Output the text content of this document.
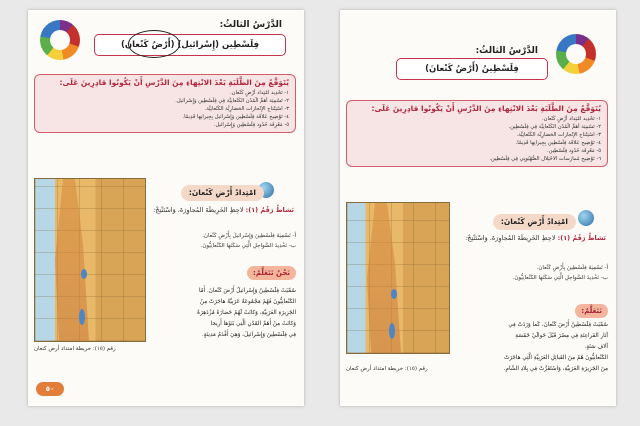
الدَّرْسُ الثالثُ:
فِلَسْطِين (إِسْرائيل) (أَرْضُ كَنْعان)
يُتَوَقَّعُ مِنَ الطَّلَبَةِ بَعْدَ الانْتِهاءِ مِنَ الدَّرْسِ أَنْ يَكُونُوا قادِرِينَ عَلَى:
١- تَحْدِيد امْتِداد أَرْضِ كَنْعان.
٢- تَسْمِيَة أَهَمِّ الْمُدُن الكَنْعانِيَّة فِي فِلَسْطِين وَإِسْرائيل.
٣- اسْتِنْتاج الإِنْجازات الحَضارِيَّة الكَنْعانِيَّة.
٤- تَوْضِيح عَلاقَة فِلَسْطِين وَإِسْرائيل بِجِيرانِها قَدِيمًا.
٥- مَعْرِفَة حُدُود فِلَسْطِين وَإِسْرائيل.
رقم (١٥): خريطة امتداد أرض كنعان
امْتِدادُ أَرْضِ كَنْعانَ:
نَشاطٌ رَقْمُ (١): لاحِظِ الخَرِيطَةَ المُجاوِرَةَ، وَاسْتَنْتِجْ:
أ- تَسْمِيَةَ فِلَسْطِينَ وَإِسْرائيلَ بِأَرْضِ كَنْعانَ.
ب- تَحْدِيدَ السَّواحِلِ الَّتِي سَكَنَها الكَنْعانِيُّونَ.
نَحْنُ نَتَعَلَّمُ:
سُمِّيَتْ فِلَسْطِينُ وَإِسْرائيلُ أَرْضَ كَنْعانَ. أَمّا
الكَنْعانِيُّونَ فَهُمْ مَجْمُوعَةٌ عَرَبِيَّةٌ هاجَرَتْ مِنْ
الجَزِيرَةِ العَرَبِيَّةِ، وَكانَتْ لَهُمْ حَضارَةٌ مُزْدَهِرَةٌ
وَكانَتْ مِنْ أَهَمِّ المُدُنِ الَّتِي بَنَوْها أَرِيحا
فِي فِلَسْطِينَ وَإِسْرائيلَ، وَهِيَ أَقْدَمُ مَدِينَةٍ.
٥٠
الدَّرْسُ الثالثُ:
فِلَسْطِينُ (أَرْضُ كَنْعانَ)
يُتَوَقَّعُ مِنَ الطَّلَبَةِ بَعْدَ الانْتِهاءِ مِنَ الدَّرْسِ أَنْ يَكُونُوا قادِرِينَ عَلَى:
١- تَحْدِيد امْتِداد أَرْضِ كَنْعان.
٢- تَسْمِيَة أَهَمِّ الْمُدُن الكَنْعانِيَّة فِي فِلَسْطِين.
٣- اسْتِنْتاج الإِنْجازات الحَضارِيَّة الكَنْعانِيَّة.
٤- تَوْضِيح عَلاقَة فِلَسْطِين بِجِيرانِها قَدِيمًا.
٥- مَعْرِفَة حُدُود فِلَسْطِين.
٦- تَوْضِيح مُمارَسات الاحْتِلال الصُّهْيُونِي فِي فِلَسْطِين.
رقم (١٥): خريطة امتداد أرض كنعان
امْتِدادُ أَرْضِ كَنْعانَ:
نَشاطٌ رَقْمُ (١): لاحِظِ الخَرِيطَةَ المُجاوِرَةَ، وَاسْتَنْتِجْ:
أ- تَسْمِيَةَ فِلَسْطِينَ بِأَرْضِ كَنْعانَ.
ب- تَحْدِيدَ السَّواحِلِ الَّتِي سَكَنَها الكَنْعانِيُّونَ.
نَتَعَلَّمُ:
سُمِّيَتْ فِلَسْطِينُ أَرْضَ كَنْعانَ، كَما وَرَدَتْ فِي
آثارِ الفَراعِنَةِ فِي مِصْرَ قَبْلَ حَوالَيْ خَمْسَةِ
آلافِ سَنَةٍ.
الكَنْعانِيُّونَ هُمْ مِنَ القَبائِلِ العَرَبِيَّةِ الَّتِي هاجَرَتْ
مِنَ الجَزِيرَةِ العَرَبِيَّةِ، وَاسْتَقَرَّتْ فِي بِلادِ الشّامِ.
